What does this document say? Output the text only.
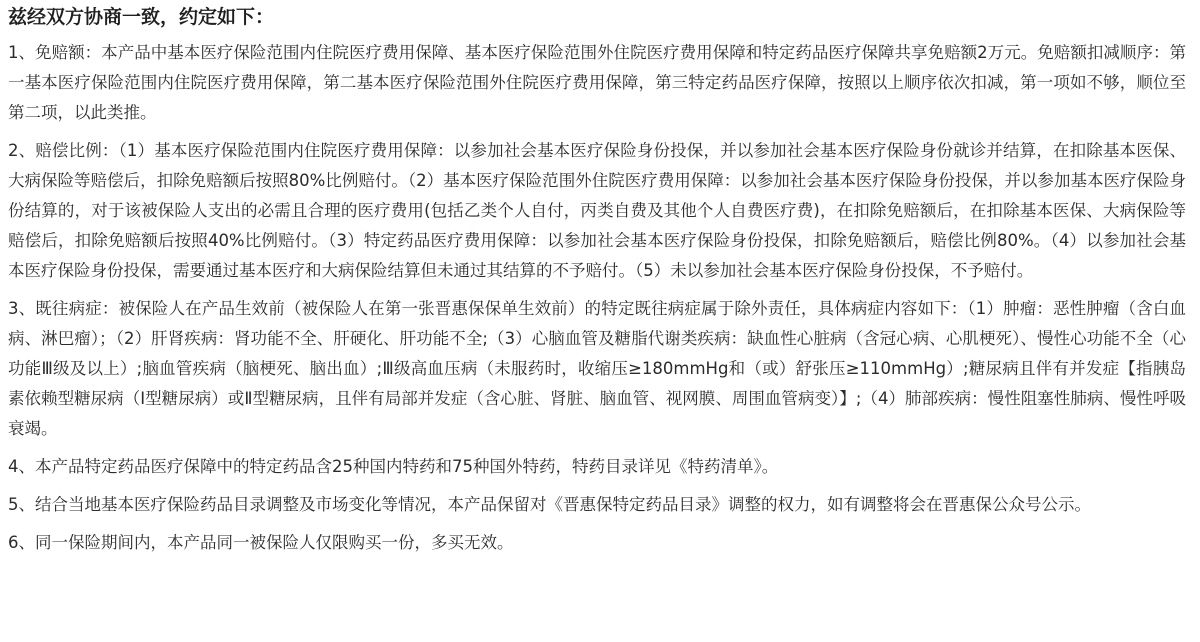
兹经双方协商一致，约定如下：

1、免赔额：本产品中基本医疗保险范围内住院医疗费用保障、基本医疗保险范围外住院医疗费用保障和特定药品医疗保障共享免赔额2万元。免赔额扣减顺序：第一基本医疗保险范围内住院医疗费用保障，第二基本医疗保险范围外住院医疗费用保障，第三特定药品医疗保障，按照以上顺序依次扣减，第一项如不够，顺位至第二项，以此类推。

2、赔偿比例：（1）基本医疗保险范围内住院医疗费用保障：以参加社会基本医疗保险身份投保，并以参加社会基本医疗保险身份就诊并结算，在扣除基本医保、大病保险等赔偿后，扣除免赔额后按照80%比例赔付。（2）基本医疗保险范围外住院医疗费用保障：以参加社会基本医疗保险身份投保，并以参加基本医疗保险身份结算的，对于该被保险人支出的必需且合理的医疗费用(包括乙类个人自付，丙类自费及其他个人自费医疗费)，在扣除免赔额后，在扣除基本医保、大病保险等赔偿后，扣除免赔额后按照40%比例赔付。（3）特定药品医疗费用保障：以参加社会基本医疗保险身份投保，扣除免赔额后，赔偿比例80%。（4）以参加社会基本医疗保险身份投保，需要通过基本医疗和大病保险结算但未通过其结算的不予赔付。（5）未以参加社会基本医疗保险身份投保，不予赔付。

3、既往病症：被保险人在产品生效前（被保险人在第一张晋惠保保单生效前）的特定既往病症属于除外责任，具体病症内容如下：（1）肿瘤：恶性肿瘤（含白血病、淋巴瘤）；（2）肝肾疾病：肾功能不全、肝硬化、肝功能不全;（3）心脑血管及糖脂代谢类疾病：缺血性心脏病（含冠心病、心肌梗死）、慢性心功能不全（心功能Ⅲ级及以上）;脑血管疾病（脑梗死、脑出血）;Ⅲ级高血压病（未服药时，收缩压≥180mmHg和（或）舒张压≥110mmHg）;糖尿病且伴有并发症【指胰岛素依赖型糖尿病（Ⅰ型糖尿病）或Ⅱ型糖尿病，且伴有局部并发症（含心脏、肾脏、脑血管、视网膜、周围血管病变）】;（4）肺部疾病：慢性阻塞性肺病、慢性呼吸衰竭。

4、本产品特定药品医疗保障中的特定药品含25种国内特药和75种国外特药，特药目录详见《特药清单》。

5、结合当地基本医疗保险药品目录调整及市场变化等情况，本产品保留对《晋惠保特定药品目录》调整的权力，如有调整将会在晋惠保公众号公示。

6、同一保险期间内，本产品同一被保险人仅限购买一份，多买无效。
